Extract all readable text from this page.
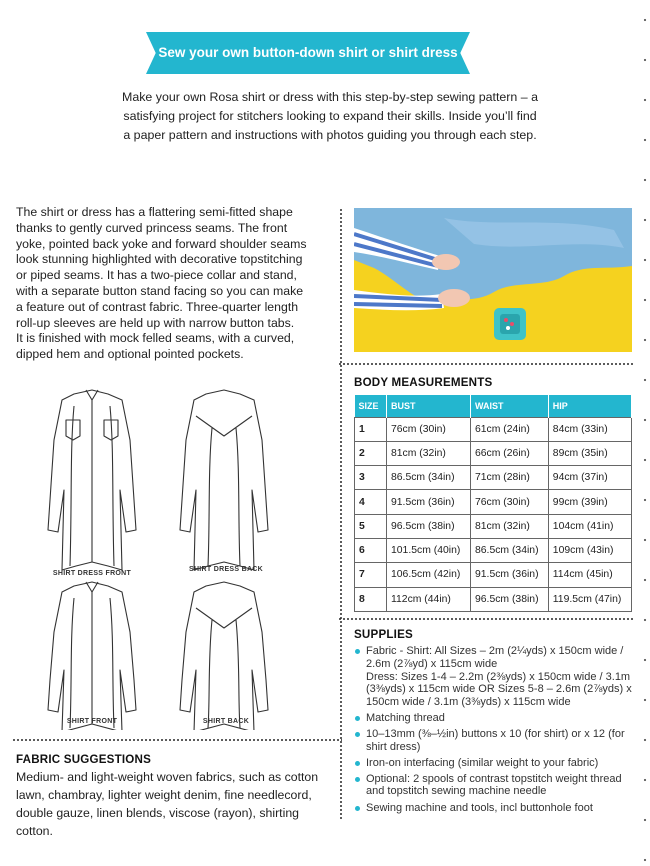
Sew your own button-down shirt or shirt dress
Make your own Rosa shirt or dress with this step-by-step sewing pattern – a
satisfying project for stitchers looking to expand their skills. Inside you’ll find
a paper pattern and instructions with photos guiding you through each step.
The shirt or dress has a flattering semi-fitted shape
thanks to gently curved princess seams. The front
yoke, pointed back yoke and forward shoulder seams
look stunning highlighted with decorative topstitching
or piped seams. It has a two-piece collar and stand,
with a separate button stand facing so you can make
a feature out of contrast fabric. Three-quarter length
roll-up sleeves are held up with narrow button tabs.
It is finished with mock felled seams, with a curved,
dipped hem and optional pointed pockets.
SHIRT DRESS FRONT
SHIRT DRESS BACK
SHIRT FRONT	SHIRT BACK
BODY MEASUREMENTS
SIZE	BUST	WAIST	HIP
1	76cm (30in)	61cm (24in)	84cm (33in)
2	81cm (32in)	66cm (26in)	89cm (35in)
3	86.5cm (34in)	71cm (28in)	94cm (37in)
4	91.5cm (36in)	76cm (30in)	99cm (39in)
5	96.5cm (38in)	81cm (32in)	104cm (41in)
6	101.5cm (40in)	86.5cm (34in)	109cm (43in)
7	106.5cm (42in)	91.5cm (36in)	114cm (45in)
8	112cm (44in)	96.5cm (38in)	119.5cm (47in)
SUPPLIES
Fabric - Shirt: All Sizes – 2m (2¼yds) x 150cm wide / 2.6m (2⅞yd) x 115cm wide
Dress: Sizes 1-4 – 2.2m (2⅜yds) x 150cm wide / 3.1m (3⅜yds) x 115cm wide OR Sizes 5-8 – 2.6m (2⅞yds) x 150cm wide / 3.1m (3⅜yds) x 115cm wide
Matching thread
10–13mm (⅜–½in) buttons x 10 (for shirt) or x 12 (for shirt dress)
Iron-on interfacing (similar weight to your fabric)
Optional: 2 spools of contrast topstitch weight thread and topstitch sewing machine needle
Sewing machine and tools, incl buttonhole foot
FABRIC SUGGESTIONS
Medium- and light-weight woven fabrics, such as cotton
lawn, chambray, lighter weight denim, fine needlecord,
double gauze, linen blends, viscose (rayon), shirting cotton.
